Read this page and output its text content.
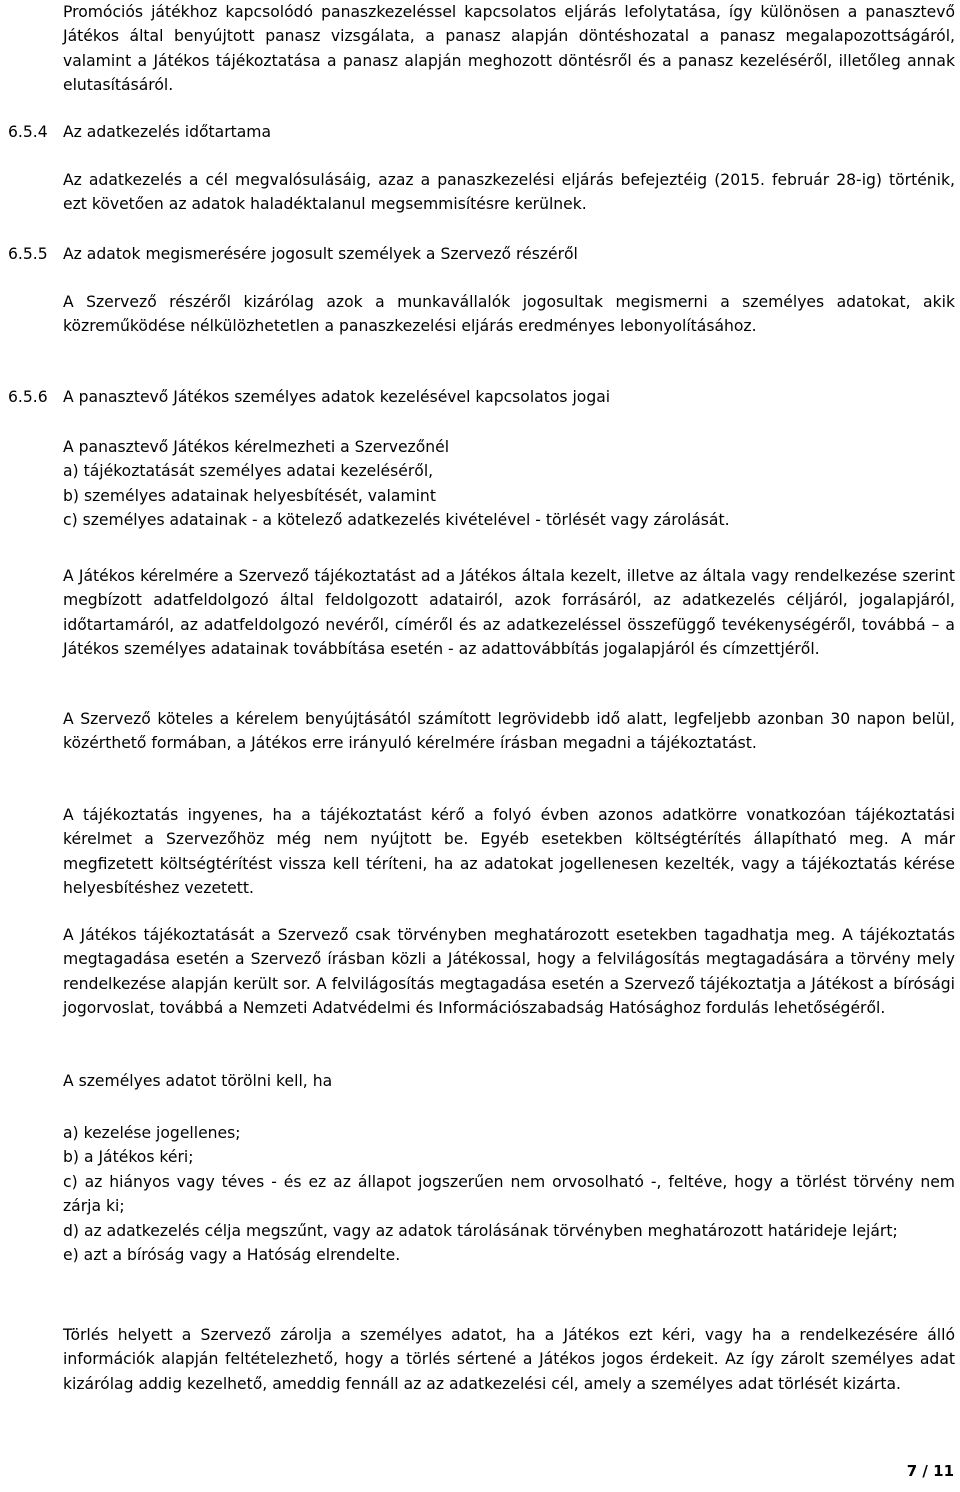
Promóciós játékhoz kapcsolódó panaszkezeléssel kapcsolatos eljárás lefolytatása, így különösen a panasztevő Játékos által benyújtott panasz vizsgálata, a panasz alapján döntéshozatal a panasz megalapozottságáról, valamint a Játékos tájékoztatása a panasz alapján meghozott döntésről és a panasz kezeléséről, illetőleg annak elutasításáról.

6.5.4 Az adatkezelés időtartama

Az adatkezelés a cél megvalósulásáig, azaz a panaszkezelési eljárás befejeztéig (2015. február 28-ig) történik, ezt követően az adatok haladéktalanul megsemmisítésre kerülnek.

6.5.5 Az adatok megismerésére jogosult személyek a Szervező részéről

A Szervező részéről kizárólag azok a munkavállalók jogosultak megismerni a személyes adatokat, akik közreműködése nélkülözhetetlen a panaszkezelési eljárás eredményes lebonyolításához.

6.5.6 A panasztevő Játékos személyes adatok kezelésével kapcsolatos jogai

A panasztevő Játékos kérelmezheti a Szervezőnél

a) tájékoztatását személyes adatai kezeléséről,

b) személyes adatainak helyesbítését, valamint

c) személyes adatainak - a kötelező adatkezelés kivételével - törlését vagy zárolását.

A Játékos kérelmére a Szervező tájékoztatást ad a Játékos általa kezelt, illetve az általa vagy rendelkezése szerint megbízott adatfeldolgozó által feldolgozott adatairól, azok forrásáról, az adatkezelés céljáról, jogalapjáról, időtartamáról, az adatfeldolgozó nevéről, címéről és az adatkezeléssel összefüggő tevékenységéről, továbbá – a Játékos személyes adatainak továbbítása esetén - az adattovábbítás jogalapjáról és címzettjéről.

A Szervező köteles a kérelem benyújtásától számított legrövidebb idő alatt, legfeljebb azonban 30 napon belül, közérthető formában, a Játékos erre irányuló kérelmére írásban megadni a tájékoztatást.

A tájékoztatás ingyenes, ha a tájékoztatást kérő a folyó évben azonos adatkörre vonatkozóan tájékoztatási kérelmet a Szervezőhöz még nem nyújtott be. Egyéb esetekben költségtérítés állapítható meg. A már megfizetett költségtérítést vissza kell téríteni, ha az adatokat jogellenesen kezelték, vagy a tájékoztatás kérése helyesbítéshez vezetett.

A Játékos tájékoztatását a Szervező csak törvényben meghatározott esetekben tagadhatja meg. A tájékoztatás megtagadása esetén a Szervező írásban közli a Játékossal, hogy a felvilágosítás megtagadására a törvény mely rendelkezése alapján került sor. A felvilágosítás megtagadása esetén a Szervező tájékoztatja a Játékost a bírósági jogorvoslat, továbbá a Nemzeti Adatvédelmi és Információszabadság Hatósághoz fordulás lehetőségéről.

A személyes adatot törölni kell, ha

a) kezelése jogellenes;

b) a Játékos kéri;

c) az hiányos vagy téves - és ez az állapot jogszerűen nem orvosolható -, feltéve, hogy a törlést törvény nem zárja ki;

d) az adatkezelés célja megszűnt, vagy az adatok tárolásának törvényben meghatározott határideje lejárt;

e) azt a bíróság vagy a Hatóság elrendelte.

Törlés helyett a Szervező zárolja a személyes adatot, ha a Játékos ezt kéri, vagy ha a rendelkezésére álló információk alapján feltételezhető, hogy a törlés sértené a Játékos jogos érdekeit. Az így zárolt személyes adat kizárólag addig kezelhető, ameddig fennáll az az adatkezelési cél, amely a személyes adat törlését kizárta.

7 / 11
